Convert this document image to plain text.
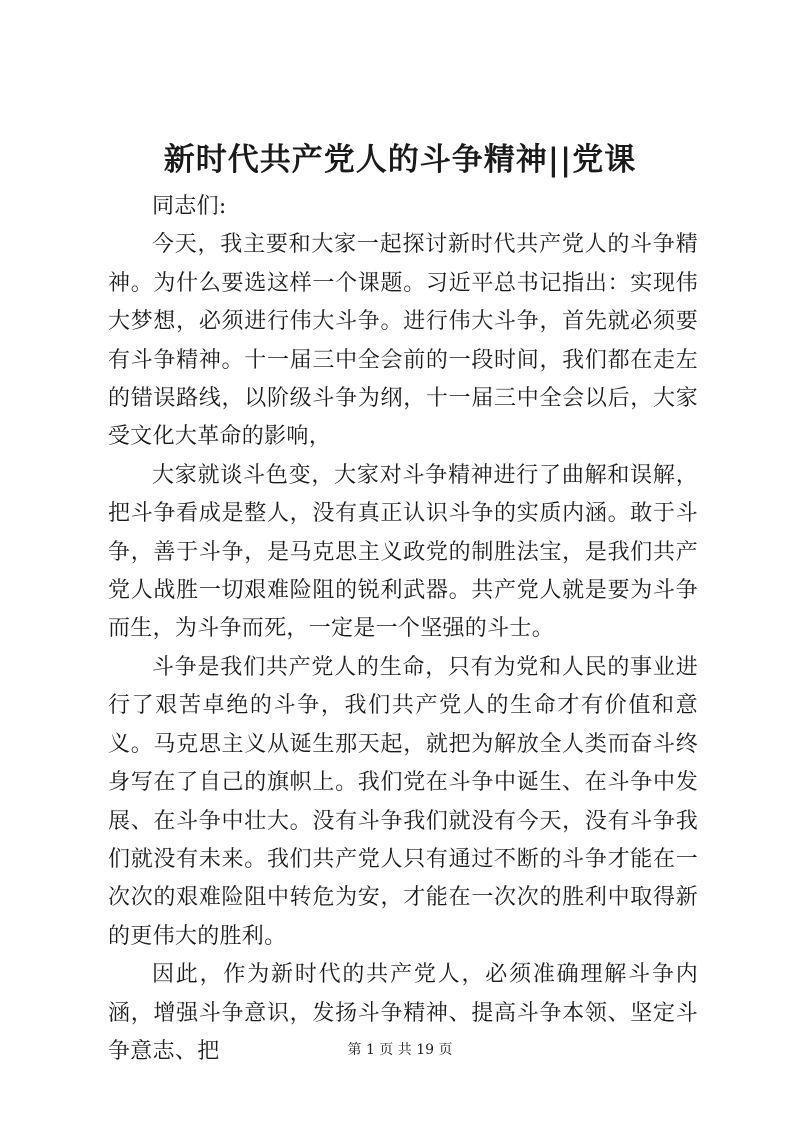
新时代共产党人的斗争精神||党课

同志们:

今天，我主要和大家一起探讨新时代共产党人的斗争精神。为什么要选这样一个课题。习近平总书记指出：实现伟大梦想，必须进行伟大斗争。进行伟大斗争，首先就必须要有斗争精神。十一届三中全会前的一段时间，我们都在走左的错误路线，以阶级斗争为纲，十一届三中全会以后，大家受文化大革命的影响，

大家就谈斗色变，大家对斗争精神进行了曲解和误解，把斗争看成是整人，没有真正认识斗争的实质内涵。敢于斗争，善于斗争，是马克思主义政党的制胜法宝，是我们共产党人战胜一切艰难险阻的锐利武器。共产党人就是要为斗争而生，为斗争而死，一定是一个坚强的斗士。

斗争是我们共产党人的生命，只有为党和人民的事业进行了艰苦卓绝的斗争，我们共产党人的生命才有价值和意义。马克思主义从诞生那天起，就把为解放全人类而奋斗终身写在了自己的旗帜上。我们党在斗争中诞生、在斗争中发展、在斗争中壮大。没有斗争我们就没有今天，没有斗争我们就没有未来。我们共产党人只有通过不断的斗争才能在一次次的艰难险阻中转危为安，才能在一次次的胜利中取得新的更伟大的胜利。

因此，作为新时代的共产党人，必须准确理解斗争内涵，增强斗争意识，发扬斗争精神、提高斗争本领、坚定斗争意志、把	第 1 页 共 19 页
